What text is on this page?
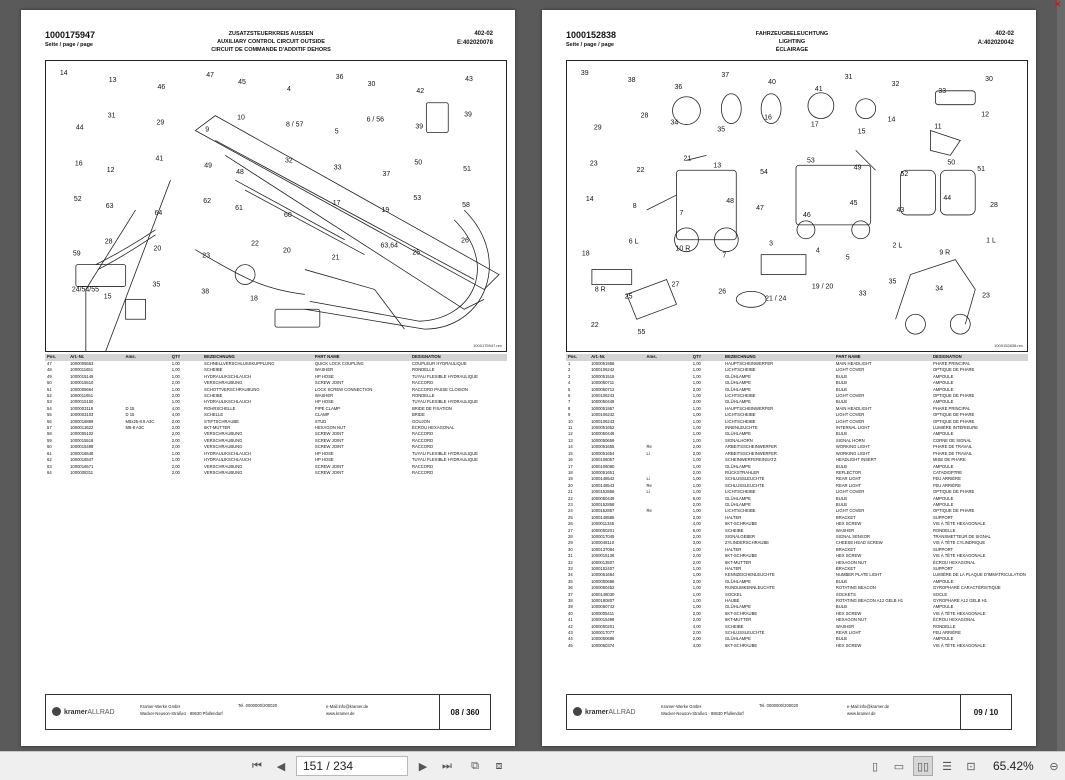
1000175947
Seite / page / page
ZUSATZSTEUERKREIS AUSSEN
AUXILIARY CONTROL CIRCUIT OUTSIDE
CIRCUIT DE COMMANDE D'ADDITIF DEHORS
402-02
E:402020078
14
13
46
47
45
4
36
30
42
43
44
31
29
9
10
8 / 57
5
6 / 56
39
39
16
12
41
49
48
32
33
37
50
51
52
63
64
62
61
60
17
19
53
58
59
28
20
23
22
20
21
63,64
25
26
24/54/55
15
35
38
18
1000175947.rev
Pos.	Art.-Nr.	Ams.	QTY	BEZEICHNUNG	PART NAME	DESIGNATION
47	1000005563		1,00	SCHNELLVERSCHLUSSKUPPLUNG	QUICK LOCK COUPLING	COUPLEUR HYDRAULIQUE
48	1000011651		1,00	SCHEIBE	WASHER	RONDELLE
49	1000015149		1,00	HYDRAULIKSCHLAUCH	HP HOSE	TUYAU FLEXIBLE HYDRAULIQUE
50	1000015510		2,00	VERSCHRAUBUNG	SCREW JOINT	RACCORD
51	1000005664		1,00	SCHOTTVERSCHRAUBUNG	LOCK SCREW CONNECTION	RACCORD PASSE CLOISON
52	1000011651		2,00	SCHEIBE	WASHER	RONDELLE
53	1000015150		1,00	HYDRAULIKSCHLAUCH	HP HOSE	TUYAU FLEXIBLE HYDRAULIQUE
54	1000003118	D 15	4,00	ROHRSCHELLE	PIPE CLAMP	BRIDE DE FIXATION
55	1000003103	D 15	4,00	SCHELLE	CLAMP	BRIDE
56	1000018889	M8x25-8.8 A3C	2,00	STIFTSCHRAUBE	STUD	GOUJON
57	1000013622	M8-8 A3C	2,00	6KT-MUTTER	HEXAGON NUT	ÉCROU HEXAGONAL
58	1000005102		2,00	VERSCHRAUBUNG	SCREW JOINT	RACCORD
59	1000015516		2,00	VERSCHRAUBUNG	SCREW JOINT	RACCORD
60	1000015498		2,00	VERSCHRAUBUNG	SCREW JOINT	RACCORD
61	1000016548		1,00	HYDRAULIKSCHLAUCH	HP HOSE	TUYAU FLEXIBLE HYDRAULIQUE
62	1000016547		1,00	HYDRAULIKSCHLAUCH	HP HOSE	TUYAU FLEXIBLE HYDRAULIQUE
63	1000016571		2,00	VERSCHRAUBUNG	SCREW JOINT	RACCORD
64	1000008311		2,00	VERSCHRAUBUNG	SCREW JOINT	RACCORD
kramerALLRAD
Kramer-Werke GmbH
Wacker-Neuson-Straße1 · 88630 Pfullendorf
Tel. 0000000/200020	e-Mail:info@kramer.de
www.kramer.de	08 / 360
1000152838
Seite / page / page
FAHRZEUGBELEUCHTUNG
LIGHTING
ÉCLAIRAGE
402-02
A:402020042
39
38
36
37
40
41
31
32
33
30
29
28
34
35
16
17
15
14
11
12
23
22
21
13
54
53
49
52
50
51
14
8
7
48
47
46
45
43
44
28
18
6 L
10 R
7
3
4
5
2 L
9 R
1 L
8 R
25
27
26
21 / 24
19 / 20
33
35
34
23
22
55
1000152838.rev
Pos.	Art.-Nr.	Ams.	QTY	BEZEICHNUNG	PART NAME	DESIGNATION
1	1000051956		1,00	HAUPTSCHEINWERFER	MAIN HEADLIGHT	PHARE PRINCIPAL
2	1000106242		1,00	LICHTSCHEIBE	LIGHT COVER	OPTIQUE DE PHARE
3	1000051519		1,00	GLÜHLAMPE	BULB	AMPOULE
4	1000050711		1,00	GLÜHLAMPE	BULB	AMPOULE
5	1000050712		2,00	GLÜHLAMPE	BULB	AMPOULE
6	1000106243		1,00	LICHTSCHEIBE	LIGHT COVER	OPTIQUE DE PHARE
7	1000050449		3,00	GLÜHLAMPE	BULB	AMPOULE
8	1000051957		1,00	HAUPTSCHEINWERFER	MAIN HEADLIGHT	PHARE PRINCIPAL
9	1000106242		1,00	LICHTSCHEIBE	LIGHT COVER	OPTIQUE DE PHARE
10	1000106243		1,00	LICHTSCHEIBE	LIGHT COVER	OPTIQUE DE PHARE
11	1000051652		1,00	INNENLEUCHTE	INTERNAL LIGHT	LUMIÈRE INTÉRIEURE
12	1000050446		1,00	GLÜHLAMPE	BULB	AMPOULE
13	1000050659		1,00	SIGNALHORN	SIGNAL HORN	CORNE DE SIGNAL
14	1000051655	Re	2,00	ARBEITSSCHEINWERFER	WORKING LIGHT	PHARE DE TRAVAIL
15	1000051654	Li	2,00	ARBEITSSCHEINWERFER	WORKING LIGHT	PHARE DE TRAVAIL
16	1000106057		1,00	SCHEINWERFEREINSATZ	HEADLIGHT INSERT	MISE DE PHARE
17	1000106080		1,00	GLÜHLAMPE	BULB	AMPOULE
18	1000051651		2,00	RÜCKSTRAHLER	REFLECTOR	CATADIOPTRE
19	1000148542	Li	1,00	SCHLUSSLEUCHTE	REAR LIGHT	FEU ARRIÈRE
20	1000148543	Re	1,00	SCHLUSSLEUCHTE	REAR LIGHT	FEU ARRIÈRE
21	1000152856	Li	1,00	LICHTSCHEIBE	LIGHT COVER	OPTIQUE DE PHARE
22	1000050449		6,00	GLÜHLAMPE	BULB	AMPOULE
23	1000152858		2,00	GLÜHLAMPE	BULB	AMPOULE
24	1000152857	Re	1,00	LICHTSCHEIBE	LIGHT COVER	OPTIQUE DE PHARE
25	1000148585		2,00	HALTER	BRACKET	SUPPORT
26	1000011345		4,00	6KT-SCHRAUBE	HEX SCREW	VIS À TÊTE HEXAGONALE
27	1000050201		6,00	SCHEIBE	WASHER	RONDELLE
28	1000017045		2,00	SIGNALGEBER	SIGNAL SENSOR	TRANSMETTEUR DE SIGNAL
29	1000048110		3,00	ZYLINDERSCHRAUBE	CHEESE HEAD SCREW	VIS À TÊTE CYLINDRIQUE
30	1000137084		1,00	HALTER	BRACKET	SUPPORT
31	1000015136		2,00	6KT-SCHRAUBE	HEX SCREW	VIS À TÊTE HEXAGONALE
32	1000013507		2,00	6KT-MUTTER	HEXAGON NUT	ÉCROU HEXAGONAL
33	1000152407		1,00	HALTER	BRACKET	SUPPORT
34	1000051664		1,00	KENNZEICHENLEUCHTE	NUMBER PLATE LIGHT	LUMIÈRE DE LA PLAQUE D'IMMATRICULATION
35	1000050686		2,00	GLÜHLAMPE	BULB	AMPOULE
36	1000050452		1,00	RUNDUMKENNLEUCHTE	ROTATING BEACON	GYROPHARE CARACTÉRISTIQUE
37	1000148030		1,00	SOCKEL	SOCKETS	SOCLE
38	1000180807		1,00	HAUBE	ROTATING BEACON A12 GELB H1	GYROPHARE A12 GELB H1
39	1000050742		1,00	GLÜHLAMPE	BULB	AMPOULE
40	1000005411		2,00	6KT-SCHRAUBE	HEX SCREW	VIS À TÊTE HEXAGONALE
41	1000015498		2,00	6KT-MUTTER	HEXAGON NUT	ÉCROU HEXAGONAL
42	1000050201		4,00	SCHEIBE	WASHER	RONDELLE
43	1000017077		2,00	SCHLUSSLEUCHTE	REAR LIGHT	FEU ARRIÈRE
44	1000050686		2,00	GLÜHLAMPE	BULB	AMPOULE
45	1000050374		4,00	6KT-SCHRAUBE	HEX SCREW	VIS À TÊTE HEXAGONALE
kramerALLRAD
Kramer-Werke GmbH
Wacker-Neuson-Straße1 · 88630 Pfullendorf
Tel. 0000000/200020	e-Mail:info@kramer.de
www.kramer.de	09 / 10
✕
⏮ ◀ 151
/
234	▶ ⏭ ⧉ ⧈	▯ ▭ ▯▯ ☰ ⊡ 65.42% ⊖
